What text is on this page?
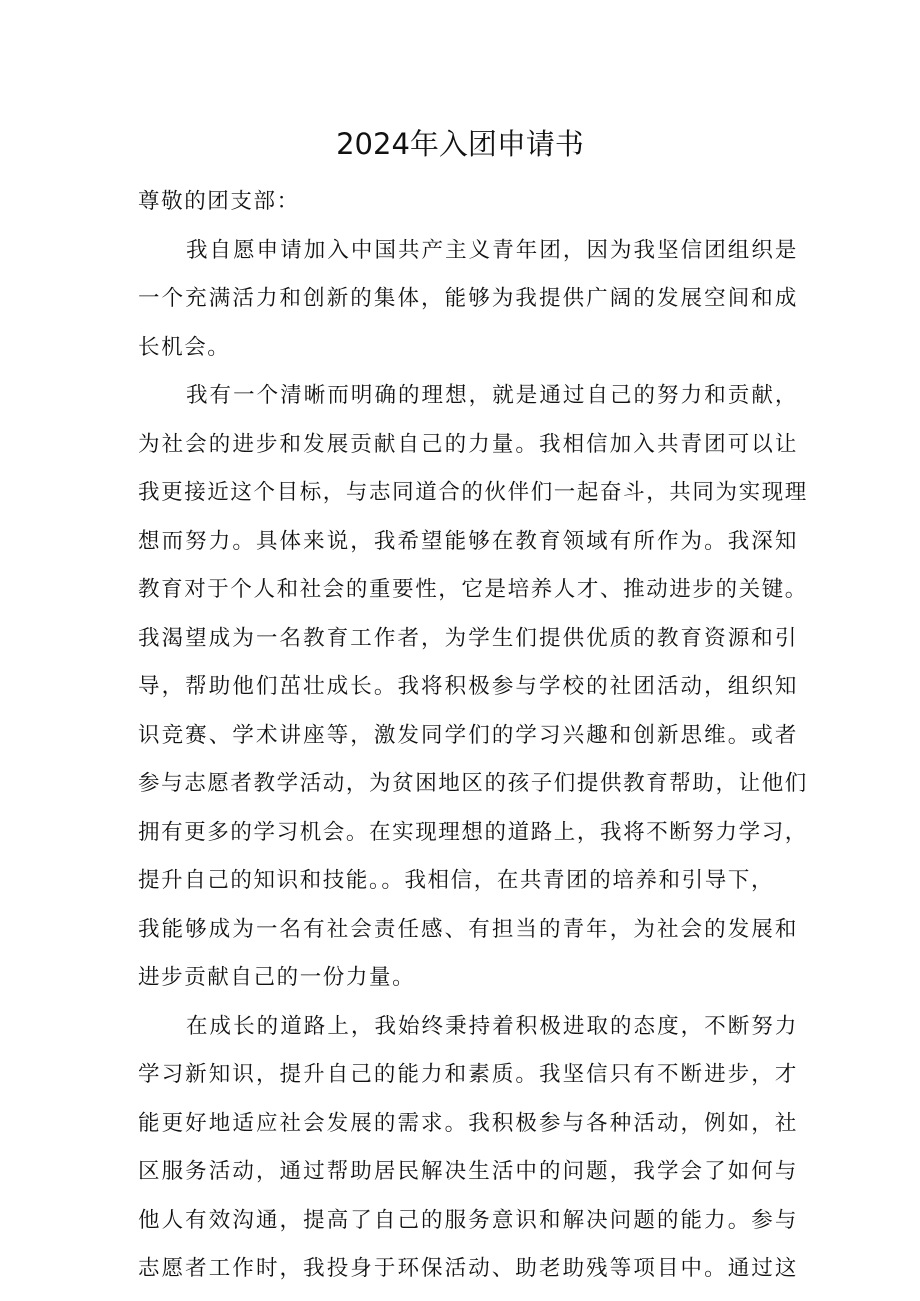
2024年入团申请书

尊敬的团支部：

我自愿申请加入中国共产主义青年团，因为我坚信团组织是

一个充满活力和创新的集体，能够为我提供广阔的发展空间和成

长机会。

我有一个清晰而明确的理想，就是通过自己的努力和贡献，

为社会的进步和发展贡献自己的力量。我相信加入共青团可以让

我更接近这个目标，与志同道合的伙伴们一起奋斗，共同为实现理

想而努力。具体来说，我希望能够在教育领域有所作为。我深知

教育对于个人和社会的重要性，它是培养人才、推动进步的关键。

我渴望成为一名教育工作者，为学生们提供优质的教育资源和引

导，帮助他们茁壮成长。我将积极参与学校的社团活动，组织知

识竞赛、学术讲座等，激发同学们的学习兴趣和创新思维。或者

参与志愿者教学活动，为贫困地区的孩子们提供教育帮助，让他们

拥有更多的学习机会。在实现理想的道路上，我将不断努力学习，

提升自己的知识和技能。。我相信，在共青团的培养和引导下，

我能够成为一名有社会责任感、有担当的青年，为社会的发展和

进步贡献自己的一份力量。

在成长的道路上，我始终秉持着积极进取的态度，不断努力

学习新知识，提升自己的能力和素质。我坚信只有不断进步，才

能更好地适应社会发展的需求。我积极参与各种活动，例如，社

区服务活动，通过帮助居民解决生活中的问题，我学会了如何与

他人有效沟通，提高了自己的服务意识和解决问题的能力。参与

志愿者工作时，我投身于环保活动、助老助残等项目中。通过这
